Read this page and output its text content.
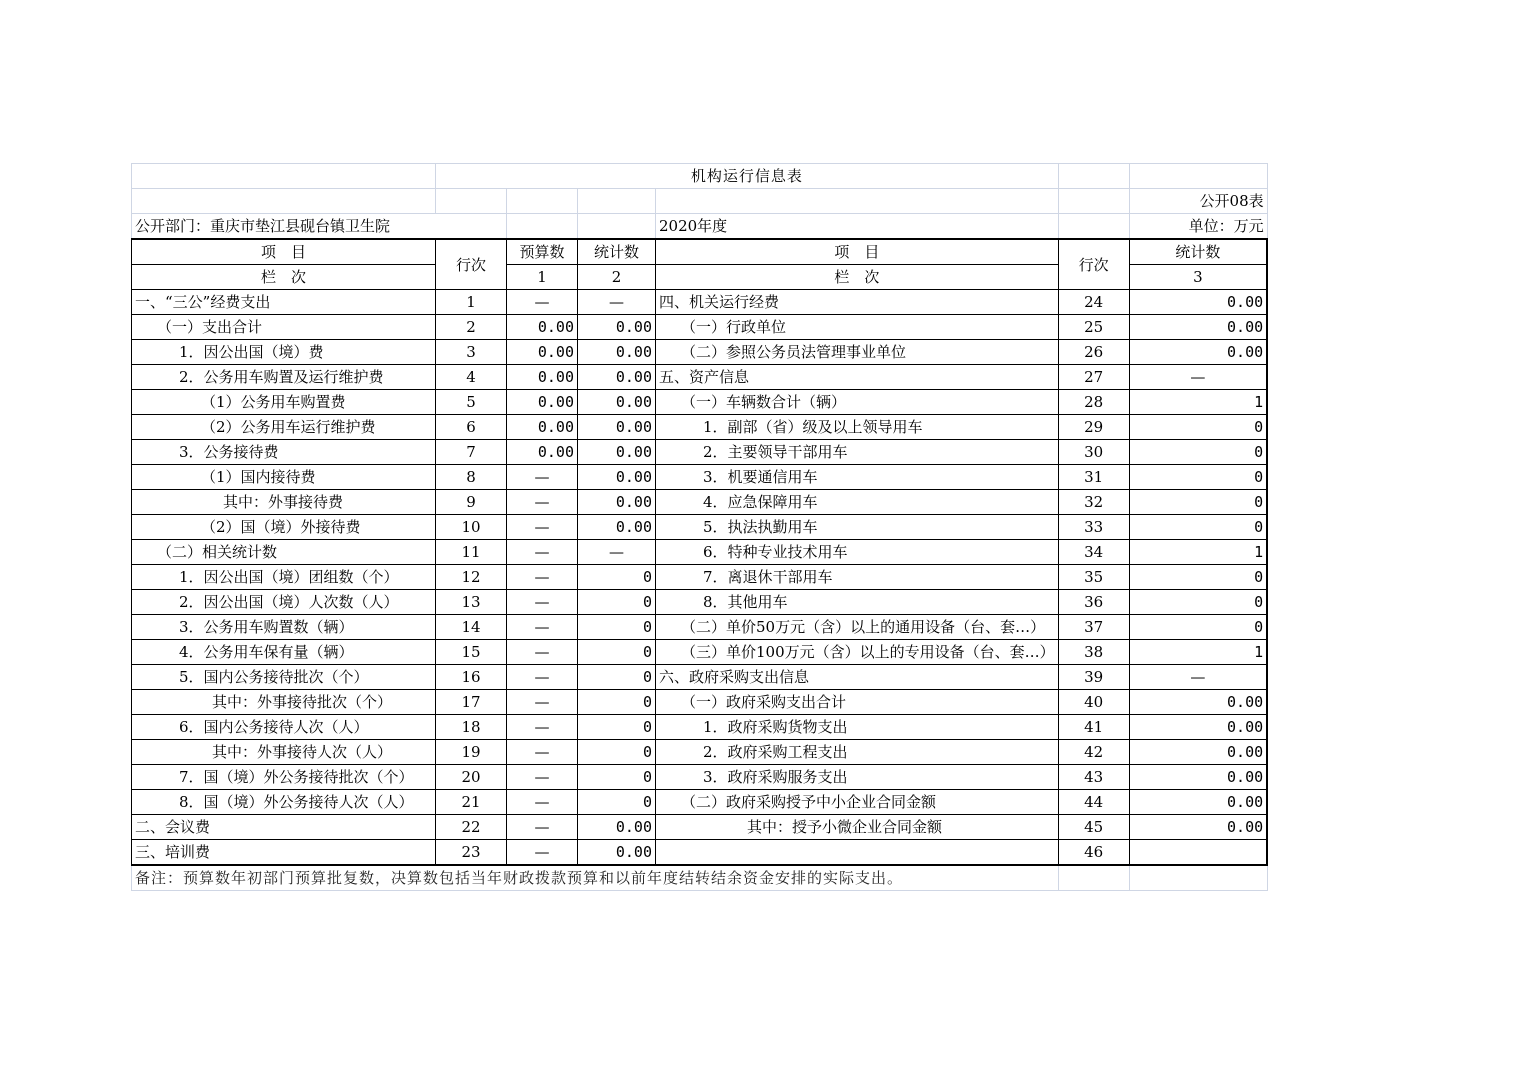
	机构运行信息表					
						公开08表
公开部门：重庆市垫江县砚台镇卫生院				2020年度		单位：万元
项　目	行次	预算数	统计数	项　目	行次	统计数
栏　次		1	2	栏　次		3
一、“三公”经费支出	1	—	—	四、机关运行经费	24	0.00
（一）支出合计	2	0.00	0.00	（一）行政单位	25	0.00
1．因公出国（境）费	3	0.00	0.00	（二）参照公务员法管理事业单位	26	0.00
2．公务用车购置及运行维护费	4	0.00	0.00	五、资产信息	27	—
（1）公务用车购置费	5	0.00	0.00	（一）车辆数合计（辆）	28	1
（2）公务用车运行维护费	6	0.00	0.00	1．副部（省）级及以上领导用车	29	0
3．公务接待费	7	0.00	0.00	2．主要领导干部用车	30	0
（1）国内接待费	8	—	0.00	3．机要通信用车	31	0
其中：外事接待费	9	—	0.00	4．应急保障用车	32	0
（2）国（境）外接待费	10	—	0.00	5．执法执勤用车	33	0
（二）相关统计数	11	—	—	6．特种专业技术用车	34	1
1．因公出国（境）团组数（个）	12	—	0	7．离退休干部用车	35	0
2．因公出国（境）人次数（人）	13	—	0	8．其他用车	36	0
3．公务用车购置数（辆）	14	—	0	（二）单价50万元（含）以上的通用设备（台、套…）	37	0
4．公务用车保有量（辆）	15	—	0	（三）单价100万元（含）以上的专用设备（台、套…）	38	1
5．国内公务接待批次（个）	16	—	0	六、政府采购支出信息	39	—
其中：外事接待批次（个）	17	—	0	（一）政府采购支出合计	40	0.00
6．国内公务接待人次（人）	18	—	0	1．政府采购货物支出	41	0.00
其中：外事接待人次（人）	19	—	0	2．政府采购工程支出	42	0.00
7．国（境）外公务接待批次（个）	20	—	0	3．政府采购服务支出	43	0.00
8．国（境）外公务接待人次（人）	21	—	0	（二）政府采购授予中小企业合同金额	44	0.00
二、会议费	22	—	0.00	其中：授予小微企业合同金额	45	0.00
三、培训费	23	—	0.00		46	
备注：预算数年初部门预算批复数，决算数包括当年财政拨款预算和以前年度结转结余资金安排的实际支出。						
